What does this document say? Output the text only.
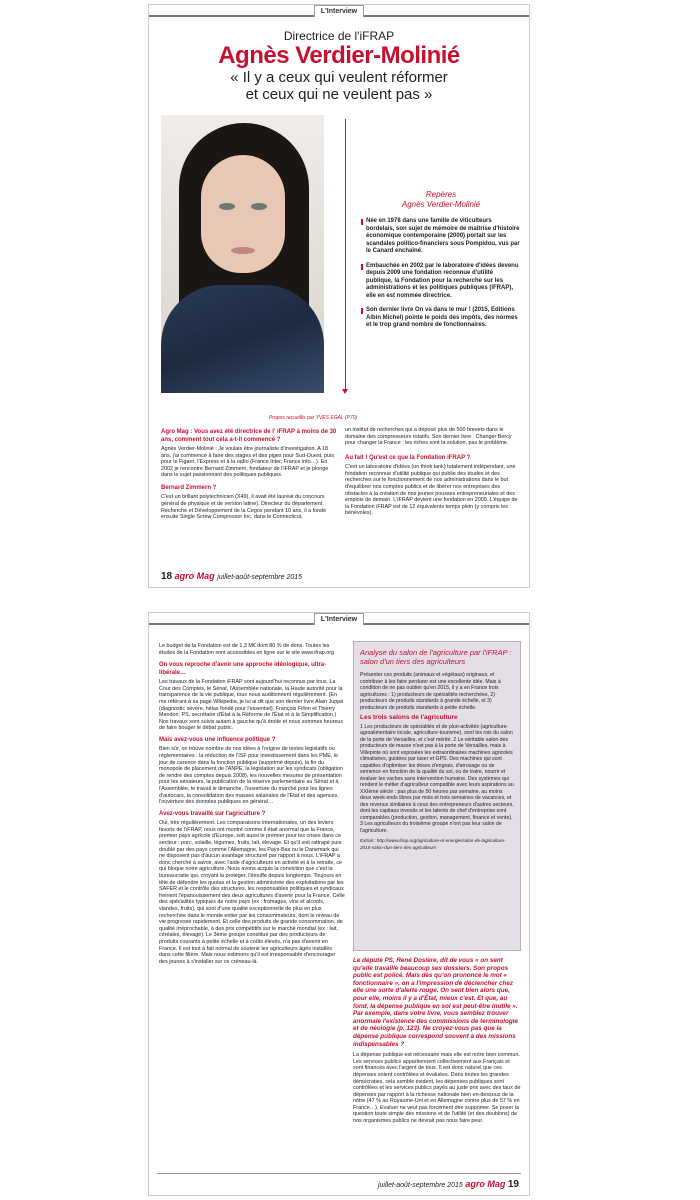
L'Interview
Directrice de l'iFRAP
Agnès Verdier-Molinié
« Il y a ceux qui veulent réformer
et ceux qui ne veulent pas »
Repères
Agnès Verdier-Molinié
Née en 1978 dans une famille de viticulteurs bordelais, son sujet de mémoire de maîtrise d'histoire économique contemporaine (2000) portait sur les scandales politico-financiers sous Pompidou, vus par le Canard enchaîné.
Embauchée en 2002 par le laboratoire d'idées devenu depuis 2009 une fondation reconnue d'utilité publique, la Fondation pour la recherche sur les administrations et les politiques publiques (iFRAP), elle en est nommée directrice.
Son dernier livre On va dans le mur ! (2015, Editions Albin Michel) pointe le poids des impôts, des normes et le trop grand nombre de fonctionnaires.
Propos recueillis par YVES EGAL (P70)
Agro Mag : Vous avez été directrice de l' iFRAP à moins de 30 ans, comment tout cela a-t-il commencé ?
Agnès Verdier-Molinié : Je voulais être journaliste d'investigation. A 18 ans, j'ai commencé à faire des stages et des piges pour Sud-Ouest, puis pour le Figaro, l'Express et à la radio (France Inter, France info…). En 2002 je rencontre Bernard Zimmern, fondateur de l'iFRAP et je plonge dans le sujet passionnant des politiques publiques.
Bernard Zimmern ?
C'est un brillant polytechnicien (X49), il avait été lauréat du concours général de physique et de version latine). Directeur du département Recherche et Développement de la Cegos pendant 10 ans, il a fondé ensuite Single Screw Compressor Inc. dans le Connecticut,
un institut de recherches qui a déposé plus de 500 brevets dans le domaine des compresseurs rotatifs. Son dernier livre : Changer Bercy pour changer la France : les riches sont la solution, pas le problème.
Au fait ! Qu'est ce que la Fondation iFRAP ?
C'est un laboratoire d'idées (un think tank) totalement indépendant, une fondation reconnue d'utilité publique qui publie des études et des recherches sur le fonctionnement de nos administrations dans le but d'équilibrer nos comptes publics et de libérer nos entreprises des obstacles à la création de nos jeunes pousses entrepreneuriales et des emplois de demain. L'iFRAP devient une fondation en 2009. L'équipe de la Fondation iFRAP est de 12 équivalents temps plein (y compris les bénévoles).
18 agro Mag juillet-août-septembre 2015
L'Interview
Le budget de la Fondation est de 1,3 M€ dont 80 % de dons. Toutes les études de la Fondation sont accessibles en ligne sur le site www.ifrap.org
On vous reproche d'avoir une approche idéologique, ultra-libérale…
Les travaux de la Fondation iFRAP sont aujourd'hui reconnus par tous. La Cour des Comptes, le Sénat, l'Assemblée nationale, la Haute autorité pour la transparence de la vie publique, tous nous auditionnent régulièrement. (En me référant à sa page Wikipedia, je lui ai dit que son dernier livre Alain Juppé (diagnostic sévère, hélas fondé pour l'essentiel), François Fillon et Thierry Mandon, PS, secrétaire d'État à la Réforme de l'État et à la Simplification.) Nos travaux sont suivis autant à gauche qu'à droite et nous sommes heureux de faire bouger le débat public.
Mais avez-vous une influence politique ?
Bien sûr, on trouve nombre de nos idées à l'origine de textes législatifs ou réglementaires : la réduction de l'ISF pour investissement dans les PME, le jour de carence dans la fonction publique (supprimé depuis), la fin du monopole de placement de l'ANPE, la législation sur les syndicats (obligation de rendre des comptes depuis 2008), les nouvelles mesures de présentation pour les sénateurs, la publication de la réserve parlementaire au Sénat et à l'Assemblée, le travail le dimanche, l'ouverture du marché pour les lignes d'autocars, la consolidation des masses salariales de l'Etat et des agences, l'ouverture des données publiques en général…
Avez-vous travaillé sur l'agriculture ?
Oui, très régulièrement. Les comparaisons internationales, un des leviers favoris de l'iFRAP, nous ont montré comme il était anormal que la France, premier pays agricole d'Europe, soit aussi le premier pour les crises dans ce secteur : porc, volaille, légumes, fruits, lait, élevage. Et qu'il soit rattrapé puis doublé par des pays comme l'Allemagne, les Pays-Bas ou le Danemark qui ne disposent pas d'aucun avantage structurel par rapport à nous. L'iFRAP a donc cherché à savoir, avec l'aide d'agriculteurs en activité et à la retraite, ce qui bloque notre agriculture. Nous avons acquis la conviction que c'est la bureaucratie qui, croyant la protéger, l'étouffe depuis longtemps. Toujours en tête de défendre les quotas et la gestion administrée des exploitations par les SAFER et le contrôle des structures, les responsables politiques et syndicaux freinent l'épanouissement des deux agricultures d'avenir pour la France. Celle des spécialités typiques de notre pays (ex : fromages, vins et alcools, viandes, fruits), qui sont d'une qualité exceptionnelle de plus en plus recherchée dans le monde entier par les consommateurs, dont le niveau de vie progresse rapidement. Et celle des produits de grande consommation, de qualité irréprochable, à des prix compétitifs sur le marché mondial (ex : lait, céréales, élevage). Le 3ème groupe constitué par des producteurs de produits courants à petite échelle et à coûts élevés, n'a pas d'avenir en France. Il est tout à fait normal de soutenir les agriculteurs âgés installés dans cette filière. Mais nous estimons qu'il est irresponsable d'encourager des jeunes à s'installer sur ce créneau-là.
Analyse du salon de l'agriculture par l'iFRAP : salon d'un tiers des agriculteurs
Présenter ces produits (animaux et végétaux) originaux, et contribuer à les faire perdurer est une excellente idée. Mais à condition de ne pas oublier qu'en 2015, il y a en France trois agricultures : 1) producteurs de spécialités recherchées, 2) producteurs de produits standards à grande échelle, et 3) producteurs de produits standards à petite échelle.
Les trois salons de l'agriculture
1 Les producteurs de spécialités et de pluri-activités (agriculture-agroalimentaire locale, agriculture-tourisme), sont les rois du salon de la porte de Versailles, et c'est mérité. 2 Le véritable salon des producteurs de masse n'est pas à la porte de Versailles, mais à Villepinte où sont exposées les extraordinaires machines agricoles climatisées, guidées par laser et GPS. Des machines qui sont capables d'optimiser les doses d'engrais, d'arrosage ou de semence en fonction de la qualité du sol, ou de traire, nourrir et évaluer les vaches sans intervention humaine. Des systèmes qui rendent le métier d'agriculteur compatible avec leurs aspirations au XXIème siècle : pas plus de 50 heures par semaine, au moins deux week-ends libres par mois et trois semaines de vacances, et des revenus similaires à ceux des entrepreneurs d'autres secteurs, dont les capitaux investis et les talents de chef d'entreprise sont comparables (production, gestion, management, finance et vente). 3 Les agriculteurs du troisième groupe n'ont pas leur salon de l'agriculture.
Extrait : http://www.ifrap.org/agriculture-et-energie/salon-de-lagriculture-2015-salon-dun-tiers-des-agriculteurs
Le député PS, René Dosière, dit de vous « on sent qu'elle travaille beaucoup ses dossiers. Son propos public est policé. Mais dès qu'on prononce le mot « fonctionnaire », on a l'impression de déclencher chez elle une sorte d'alerte rouge. On sent bien alors que, pour elle, moins il y a d'État, mieux c'est. Et que, au fond, la dépense publique en soi est peut-être inutile ». Par exemple, dans votre livre, vous semblez trouver anormale l'existence des commissions de terminologie et de néologie (p. 123). Ne croyez-vous pas que la dépense publique correspond souvent à des missions indispensables ?
La dépense publique est nécessaire mais elle est notre bien commun. Les services publics appartiennent collectivement aux Français et sont financés avec l'argent de tous. Il est donc naturel que ces dépenses soient contrôlées et évaluées. Dans toutes les grandes démocraties, cela semble évident, les dépenses publiques sont contrôlées et les services publics payés au juste prix avec des taux de dépenses par rapport à la richesse nationale bien en-dessous de la nôtre (47 % au Royaume-Uni et en Allemagne contre plus de 57 % en France…). Evaluer ne veut pas forcément dire supprimer. Se poser la question toute simple des missions et de l'utilité (et des doublons) de nos organismes publics ne devrait pas nous faire peur.
juillet-août-septembre 2015 agro Mag 19
